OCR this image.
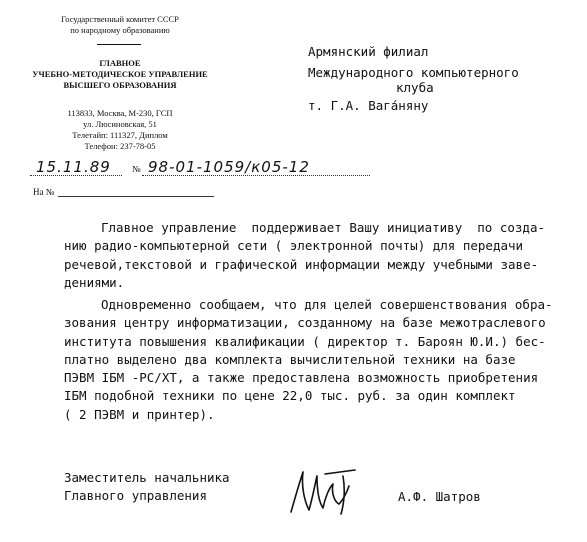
Государственный комитет СССР
по народному образованию
ГЛАВНОЕ
УЧЕБНО-МЕТОДИЧЕСКОЕ УПРАВЛЕНИЕ
ВЫСШЕГО ОБРАЗОВАНИЯ
113833, Москва, М-230, ГСП
ул. Люсиновская, 51
Телетайп: 111327, Диплом
Телефон: 237-78-05
Армянский филиал
Международного компьютерного
клуба
т. Г.А. Вага́няну
15.11.89 № 98-01-1059/к05-12
На №
Главное управление  поддерживает Вашу инициативу  по созда-
нию радио-компьютерной сети ( электронной почты) для передачи
речевой,текстовой и графической информации между учебными заве-
дениями.
Одновременно сообщаем, что для целей совершенствования обра-
зования центру информатизации, созданному на базе межотраслевого
института повышения квалификации ( директор т. Бароян Ю.И.) бес-
платно выделено два комплекта вычислительной техники на базе
ПЭВМ IБМ -РС/ХТ, а также предоставлена возможность приобретения
IБМ подобной техники по цене 22,0 тыс. руб. за один комплект
( 2 ПЭВМ и принтер).
Заместитель начальника
Главного управления	А.Ф. Шатров
